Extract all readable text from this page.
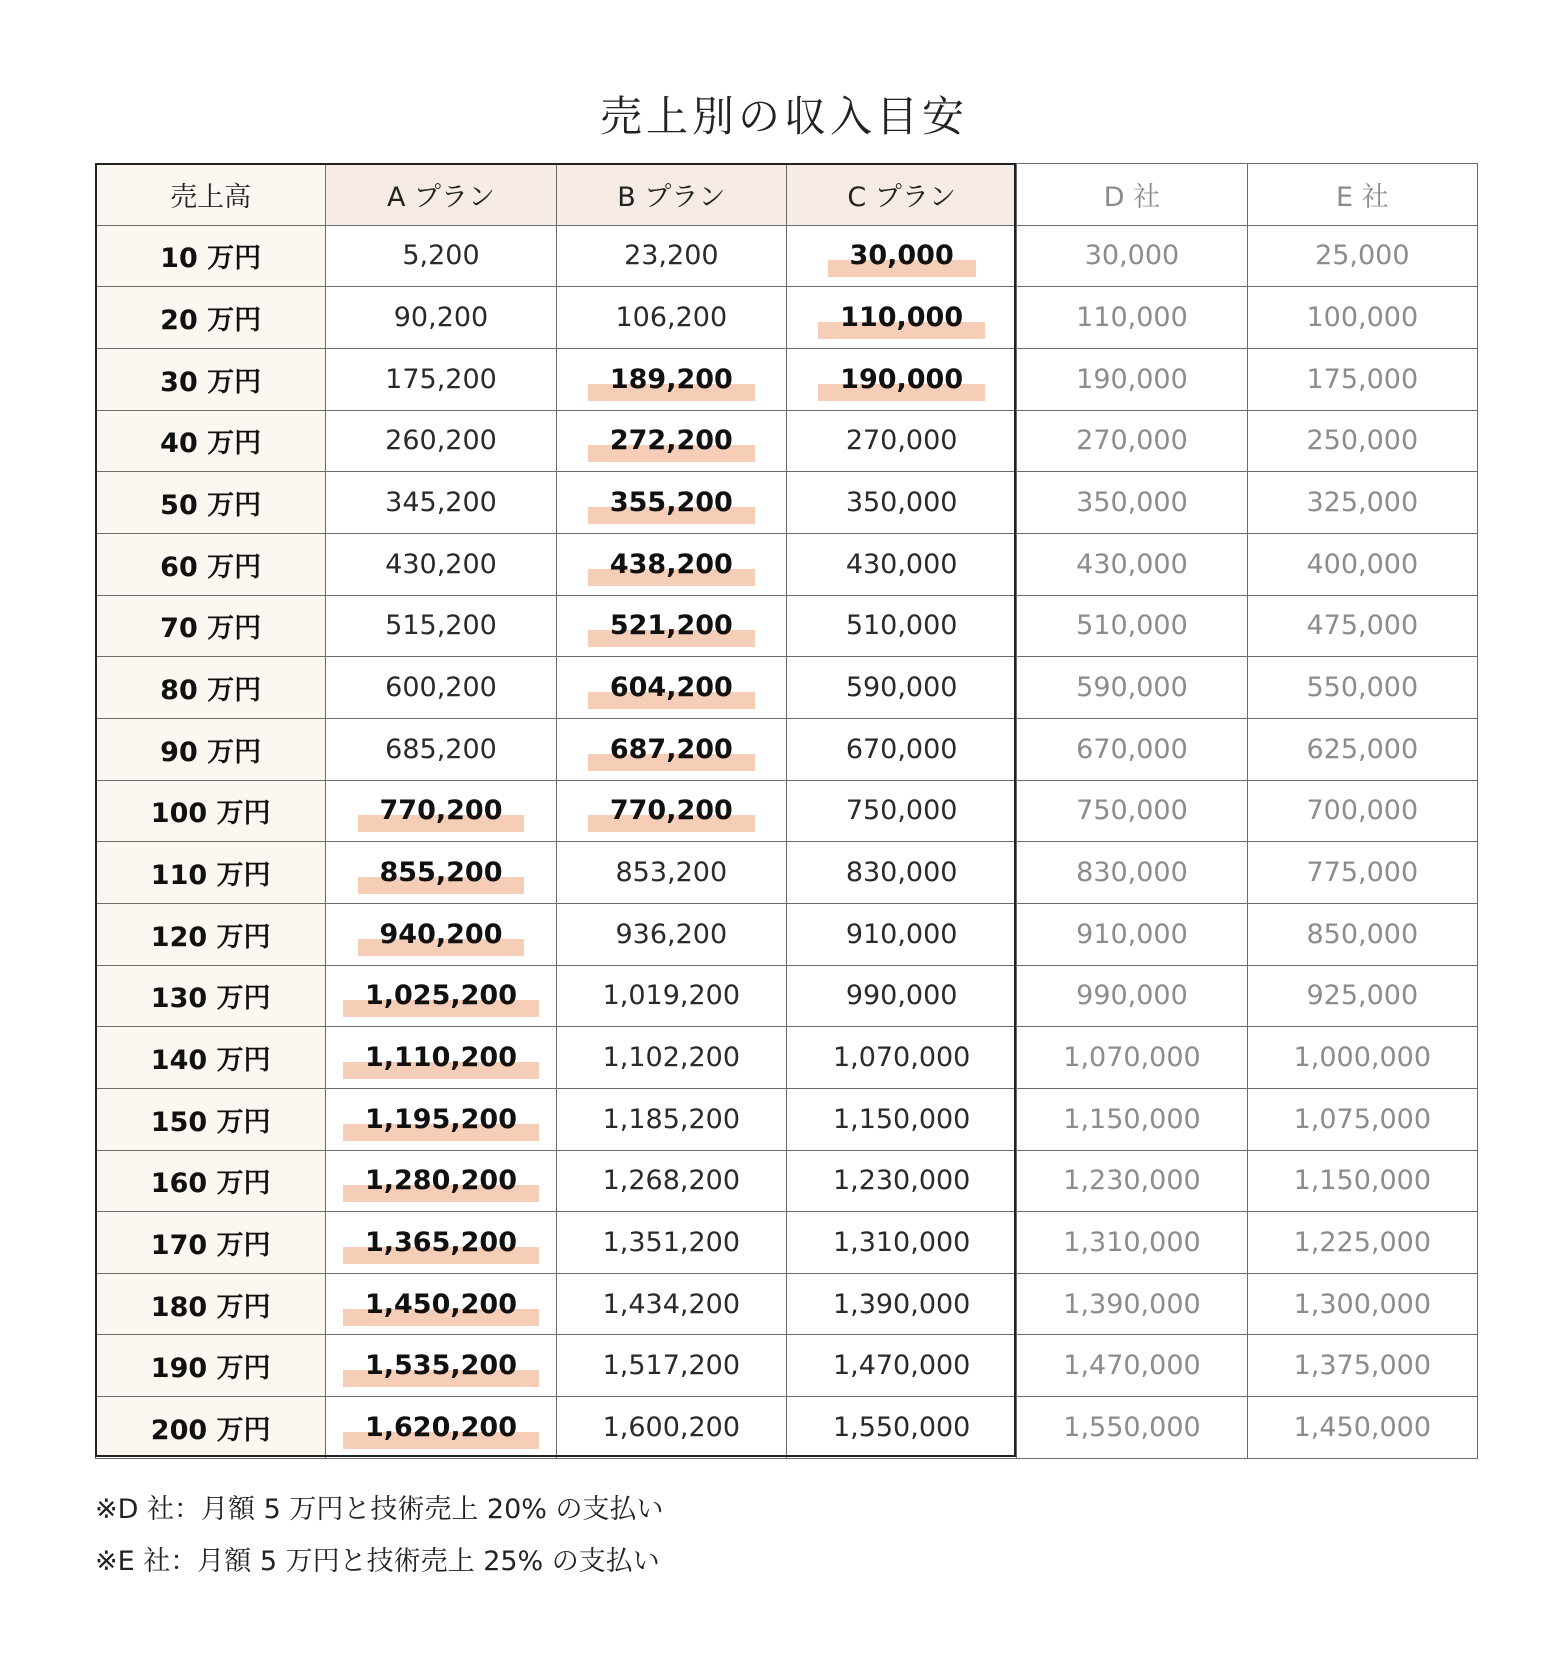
売上別の収入目安
売上高	A プラン	B プラン	C プラン	D 社	E 社
10 万円	5,200	23,200	30,000	30,000	25,000
20 万円	90,200	106,200	110,000	110,000	100,000
30 万円	175,200	189,200	190,000	190,000	175,000
40 万円	260,200	272,200	270,000	270,000	250,000
50 万円	345,200	355,200	350,000	350,000	325,000
60 万円	430,200	438,200	430,000	430,000	400,000
70 万円	515,200	521,200	510,000	510,000	475,000
80 万円	600,200	604,200	590,000	590,000	550,000
90 万円	685,200	687,200	670,000	670,000	625,000
100 万円	770,200	770,200	750,000	750,000	700,000
110 万円	855,200	853,200	830,000	830,000	775,000
120 万円	940,200	936,200	910,000	910,000	850,000
130 万円	1,025,200	1,019,200	990,000	990,000	925,000
140 万円	1,110,200	1,102,200	1,070,000	1,070,000	1,000,000
150 万円	1,195,200	1,185,200	1,150,000	1,150,000	1,075,000
160 万円	1,280,200	1,268,200	1,230,000	1,230,000	1,150,000
170 万円	1,365,200	1,351,200	1,310,000	1,310,000	1,225,000
180 万円	1,450,200	1,434,200	1,390,000	1,390,000	1,300,000
190 万円	1,535,200	1,517,200	1,470,000	1,470,000	1,375,000
200 万円	1,620,200	1,600,200	1,550,000	1,550,000	1,450,000
※D 社：月額 5 万円と技術売上 20% の支払い
※E 社：月額 5 万円と技術売上 25% の支払い
